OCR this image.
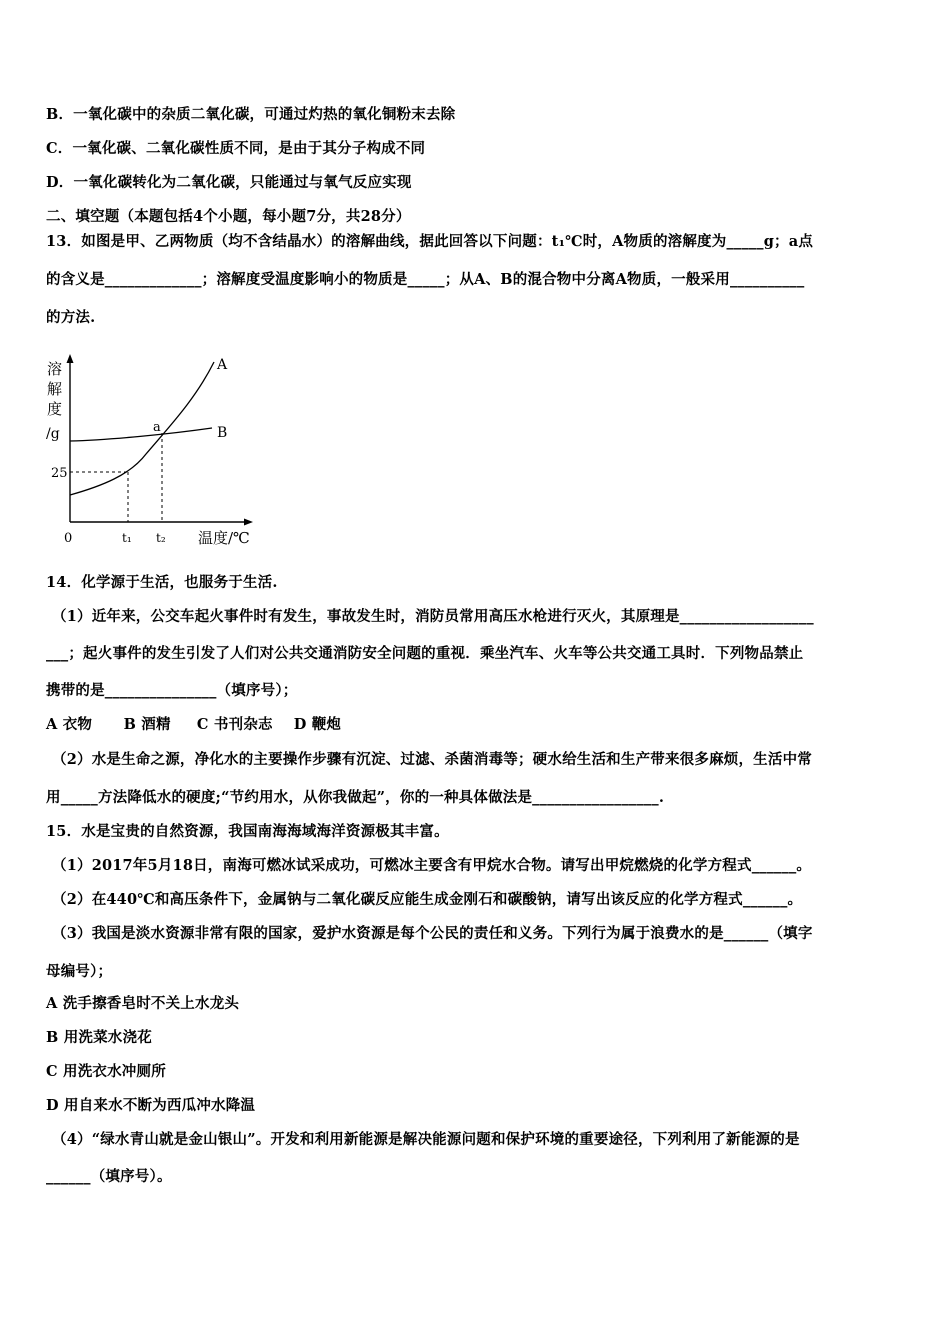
B．一氧化碳中的杂质二氧化碳，可通过灼热的氧化铜粉末去除
C．一氧化碳、二氧化碳性质不同，是由于其分子构成不同
D．一氧化碳转化为二氧化碳，只能通过与氧气反应实现
二、填空题（本题包括4个小题，每小题7分，共28分）
13．如图是甲、乙两物质（均不含结晶水）的溶解曲线，据此回答以下问题：t₁℃时，A物质的溶解度为_____g；a点
的含义是_____________；溶解度受温度影响小的物质是_____；从A、B的混合物中分离A物质，一般采用__________
的方法.
溶
解
度
/g
25
0	t₁ t₂ 温度/℃
A
B
a
14．化学源于生活，也服务于生活.
（1）近年来，公交车起火事件时有发生，事故发生时，消防员常用高压水枪进行灭火，其原理是__________________
___；起火事件的发生引发了人们对公共交通消防安全问题的重视．乘坐汽车、火车等公共交通工具时．下列物品禁止
携带的是_______________（填序号）；
A 衣物      B 酒精     C 书刊杂志    D 鞭炮
（2）水是生命之源，净化水的主要操作步骤有沉淀、过滤、杀菌消毒等；硬水给生活和生产带来很多麻烦，生活中常
用_____方法降低水的硬度;“节约用水，从你我做起”，你的一种具体做法是_________________.
15．水是宝贵的自然资源，我国南海海域海洋资源极其丰富。
（1）2017年5月18日，南海可燃冰试采成功，可燃冰主要含有甲烷水合物。请写出甲烷燃烧的化学方程式______。
（2）在440℃和高压条件下，金属钠与二氧化碳反应能生成金刚石和碳酸钠，请写出该反应的化学方程式______。
（3）我国是淡水资源非常有限的国家，爱护水资源是每个公民的责任和义务。下列行为属于浪费水的是______（填字
母编号）；
A 洗手擦香皂时不关上水龙头
B 用洗菜水浇花
C 用洗衣水冲厕所
D 用自来水不断为西瓜冲水降温
（4）“绿水青山就是金山银山”。开发和利用新能源是解决能源问题和保护环境的重要途径，下列利用了新能源的是
______（填序号）。
